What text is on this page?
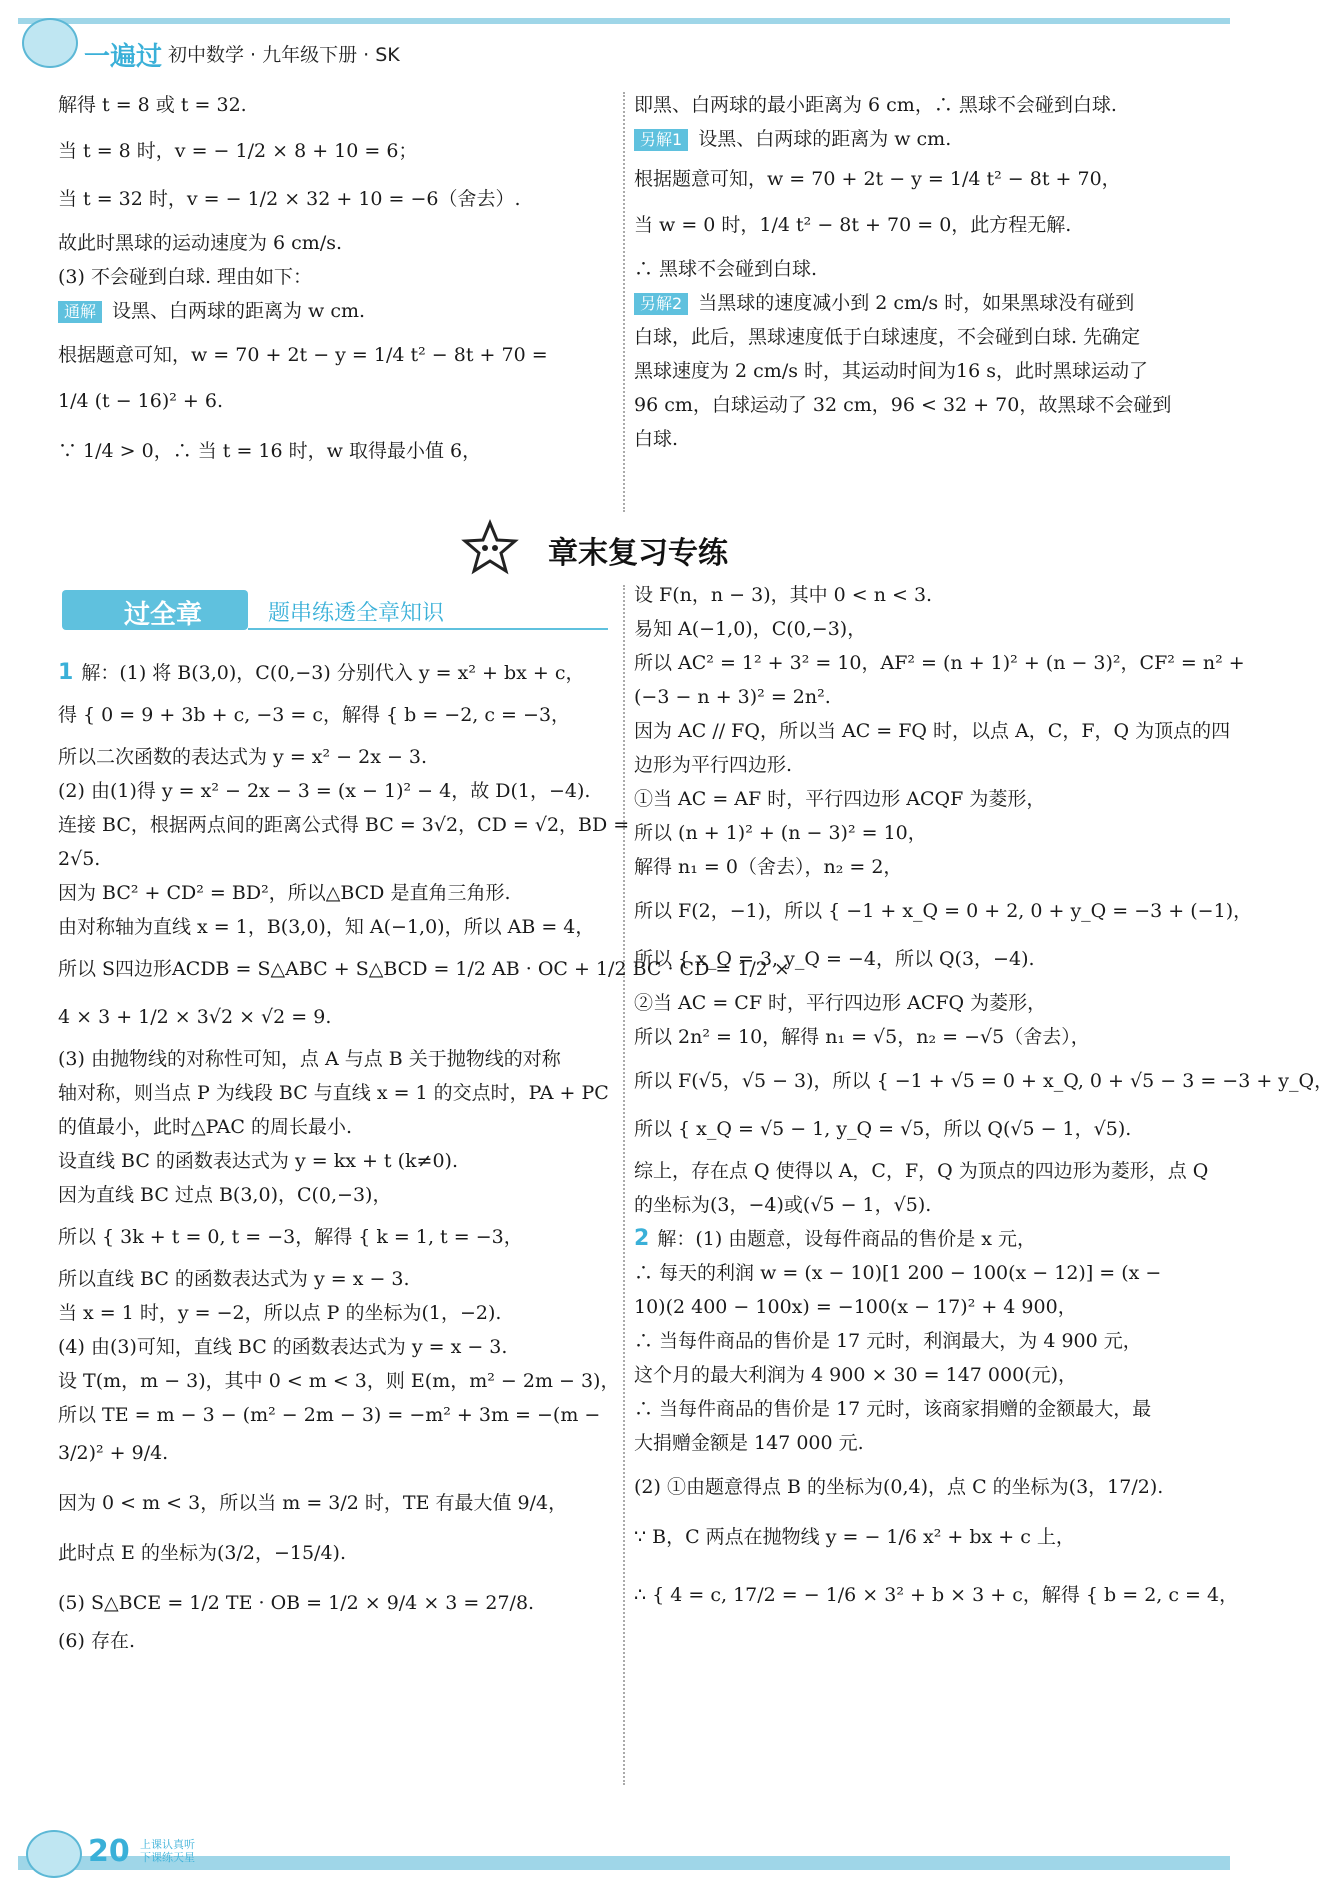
一遍过 初中数学 · 九年级下册 · SK

解得 t = 8 或 t = 32.

当 t = 8 时，v = − 1/2 × 8 + 10 = 6；

当 t = 32 时，v = − 1/2 × 32 + 10 = −6（舍去）.

故此时黑球的运动速度为 6 cm/s.

(3) 不会碰到白球. 理由如下：

通解 设黑、白两球的距离为 w cm.

根据题意可知，w = 70 + 2t − y = 1/4 t² − 8t + 70 =

1/4 (t − 16)² + 6.

∵ 1/4 > 0，∴ 当 t = 16 时，w 取得最小值 6，

即黑、白两球的最小距离为 6 cm，∴ 黑球不会碰到白球.

另解1 设黑、白两球的距离为 w cm.

根据题意可知，w = 70 + 2t − y = 1/4 t² − 8t + 70，

当 w = 0 时，1/4 t² − 8t + 70 = 0，此方程无解.

∴ 黑球不会碰到白球.

另解2 当黑球的速度减小到 2 cm/s 时，如果黑球没有碰到

白球，此后，黑球速度低于白球速度，不会碰到白球. 先确定

黑球速度为 2 cm/s 时，其运动时间为16 s，此时黑球运动了

96 cm，白球运动了 32 cm，96 < 32 + 70，故黑球不会碰到

白球.

章末复习专练
过全章	题串练透全章知识

1 解：(1) 将 B(3,0)，C(0,−3) 分别代入 y = x² + bx + c，

得 { 0 = 9 + 3b + c, −3 = c，解得 { b = −2, c = −3，

所以二次函数的表达式为 y = x² − 2x − 3.

(2) 由(1)得 y = x² − 2x − 3 = (x − 1)² − 4，故 D(1，−4).

连接 BC，根据两点间的距离公式得 BC = 3√2，CD = √2，BD =

2√5.

因为 BC² + CD² = BD²，所以△BCD 是直角三角形.

由对称轴为直线 x = 1，B(3,0)，知 A(−1,0)，所以 AB = 4，

所以 S四边形ACDB = S△ABC + S△BCD = 1/2 AB · OC + 1/2 BC · CD = 1/2 ×

4 × 3 + 1/2 × 3√2 × √2 = 9.

(3) 由抛物线的对称性可知，点 A 与点 B 关于抛物线的对称

轴对称，则当点 P 为线段 BC 与直线 x = 1 的交点时，PA + PC

的值最小，此时△PAC 的周长最小.

设直线 BC 的函数表达式为 y = kx + t (k≠0).

因为直线 BC 过点 B(3,0)，C(0,−3)，

所以 { 3k + t = 0, t = −3，解得 { k = 1, t = −3，

所以直线 BC 的函数表达式为 y = x − 3.

当 x = 1 时，y = −2，所以点 P 的坐标为(1，−2).

(4) 由(3)可知，直线 BC 的函数表达式为 y = x − 3.

设 T(m，m − 3)，其中 0 < m < 3，则 E(m，m² − 2m − 3)，

所以 TE = m − 3 − (m² − 2m − 3) = −m² + 3m = −(m −

3/2)² + 9/4.

因为 0 < m < 3，所以当 m = 3/2 时，TE 有最大值 9/4，

此时点 E 的坐标为(3/2，−15/4).

(5) S△BCE = 1/2 TE · OB = 1/2 × 9/4 × 3 = 27/8.

(6) 存在.

设 F(n，n − 3)，其中 0 < n < 3.

易知 A(−1,0)，C(0,−3)，

所以 AC² = 1² + 3² = 10，AF² = (n + 1)² + (n − 3)²，CF² = n² +

(−3 − n + 3)² = 2n².

因为 AC // FQ，所以当 AC = FQ 时，以点 A，C，F，Q 为顶点的四

边形为平行四边形.

①当 AC = AF 时，平行四边形 ACQF 为菱形，

所以 (n + 1)² + (n − 3)² = 10，

解得 n₁ = 0（舍去），n₂ = 2，

所以 F(2，−1)，所以 { −1 + x_Q = 0 + 2, 0 + y_Q = −3 + (−1)，

所以 { x_Q = 3, y_Q = −4，所以 Q(3，−4).

②当 AC = CF 时，平行四边形 ACFQ 为菱形，

所以 2n² = 10，解得 n₁ = √5，n₂ = −√5（舍去），

所以 F(√5，√5 − 3)，所以 { −1 + √5 = 0 + x_Q, 0 + √5 − 3 = −3 + y_Q，

所以 { x_Q = √5 − 1, y_Q = √5，所以 Q(√5 − 1，√5).

综上，存在点 Q 使得以 A，C，F，Q 为顶点的四边形为菱形，点 Q

的坐标为(3，−4)或(√5 − 1，√5).

2 解：(1) 由题意，设每件商品的售价是 x 元，

∴ 每天的利润 w = (x − 10)[1 200 − 100(x − 12)] = (x −

10)(2 400 − 100x) = −100(x − 17)² + 4 900，

∴ 当每件商品的售价是 17 元时，利润最大，为 4 900 元，

这个月的最大利润为 4 900 × 30 = 147 000(元)，

∴ 当每件商品的售价是 17 元时，该商家捐赠的金额最大，最

大捐赠金额是 147 000 元.

(2) ①由题意得点 B 的坐标为(0,4)，点 C 的坐标为(3，17/2).

∵ B，C 两点在抛物线 y = − 1/6 x² + bx + c 上，

∴ { 4 = c, 17/2 = − 1/6 × 3² + b × 3 + c，解得 { b = 2, c = 4，

20 上课认真听
下课练天星
